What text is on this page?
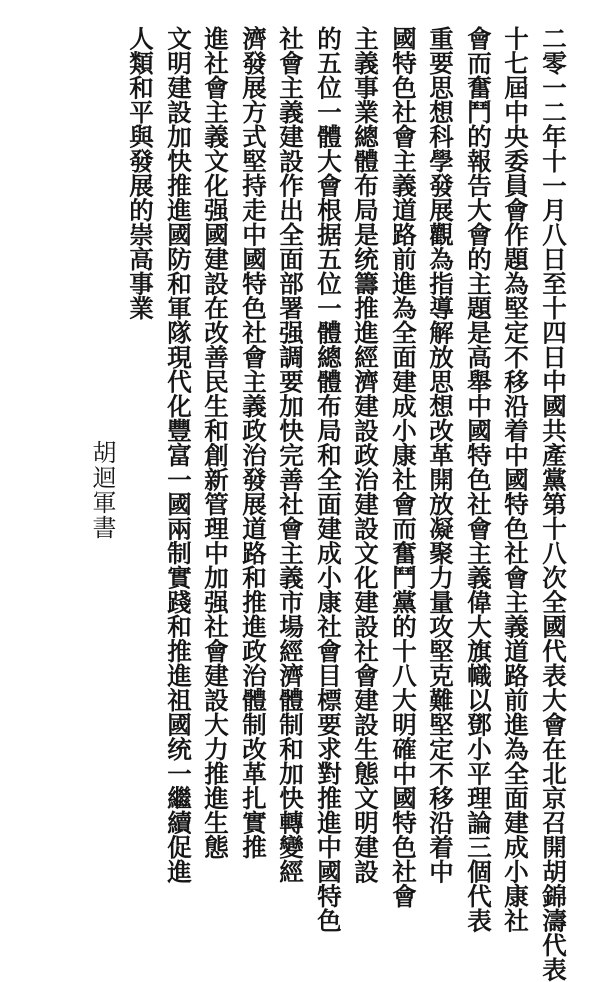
二零一二年十一月八日至十四日中國共產黨第十八次全國代表大會在北京召開胡錦濤代表
十七屆中央委員會作題為堅定不移沿着中國特色社會主義道路前進為全面建成小康社
會而奮鬥的報告大會的主題是高舉中國特色社會主義偉大旗幟以鄧小平理論三個代表
重要思想科學發展觀為指導解放思想改革開放凝聚力量攻堅克難堅定不移沿着中
國特色社會主義道路前進為全面建成小康社會而奮鬥黨的十八大明確中國特色社會
主義事業總體布局是统籌推進經濟建設政治建設文化建設社會建設生態文明建設
的五位一體大會根据五位一體總體布局和全面建成小康社會目標要求對推進中國特色
社會主義建設作出全面部署强調要加快完善社會主義市場經濟體制和加快轉變經
濟發展方式堅持走中國特色社會主義政治發展道路和推進政治體制改革扎實推
進社會主義文化强國建設在改善民生和創新管理中加强社會建設大力推進生態
文明建設加快推進國防和軍隊現代化豐富一國兩制實踐和推進祖國统一繼續促進
人類和平與發展的崇高事業
胡迴軍書
